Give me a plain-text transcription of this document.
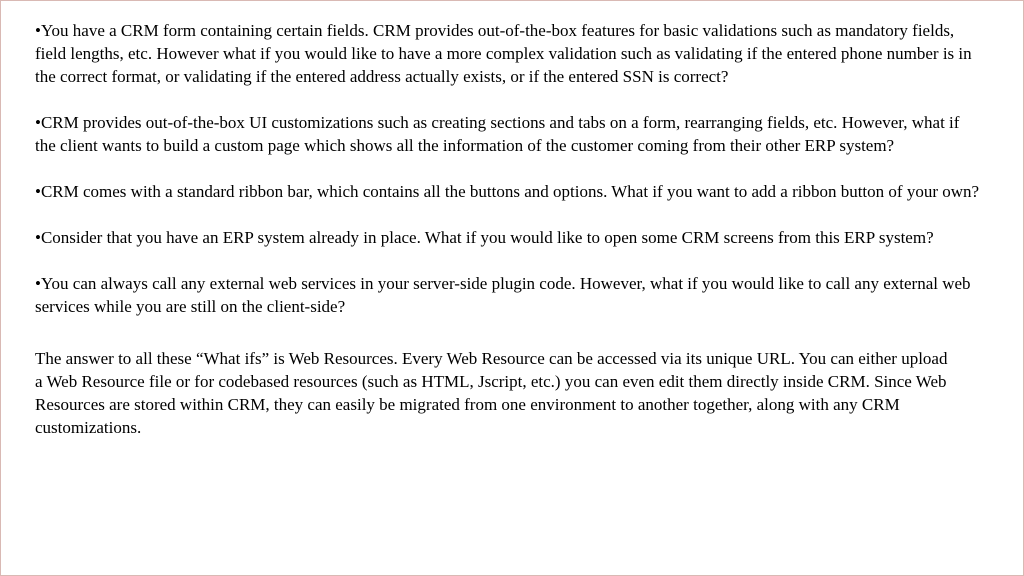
•You have a CRM form containing certain fields. CRM provides out-of-the-box features for basic validations such as mandatory fields, field lengths, etc. However what if you would like to have a more complex validation such as validating if the entered phone number is in the correct format, or validating if the entered address actually exists, or if the entered SSN is correct?

•CRM provides out-of-the-box UI customizations such as creating sections and tabs on a form, rearranging fields, etc. However, what if the client wants to build a custom page which shows all the information of the customer coming from their other ERP system?

•CRM comes with a standard ribbon bar, which contains all the buttons and options. What if you want to add a ribbon button of your own?

•Consider that you have an ERP system already in place. What if you would like to open some CRM screens from this ERP system?

•You can always call any external web services in your server-side plugin code. However, what if you would like to call any external web services while you are still on the client-side?

The answer to all these “What ifs” is Web Resources. Every Web Resource can be accessed via its unique URL. You can either upload a Web Resource file or for codebased resources (such as HTML, Jscript, etc.) you can even edit them directly inside CRM. Since Web Resources are stored within CRM, they can easily be migrated from one environment to another together, along with any CRM customizations.
